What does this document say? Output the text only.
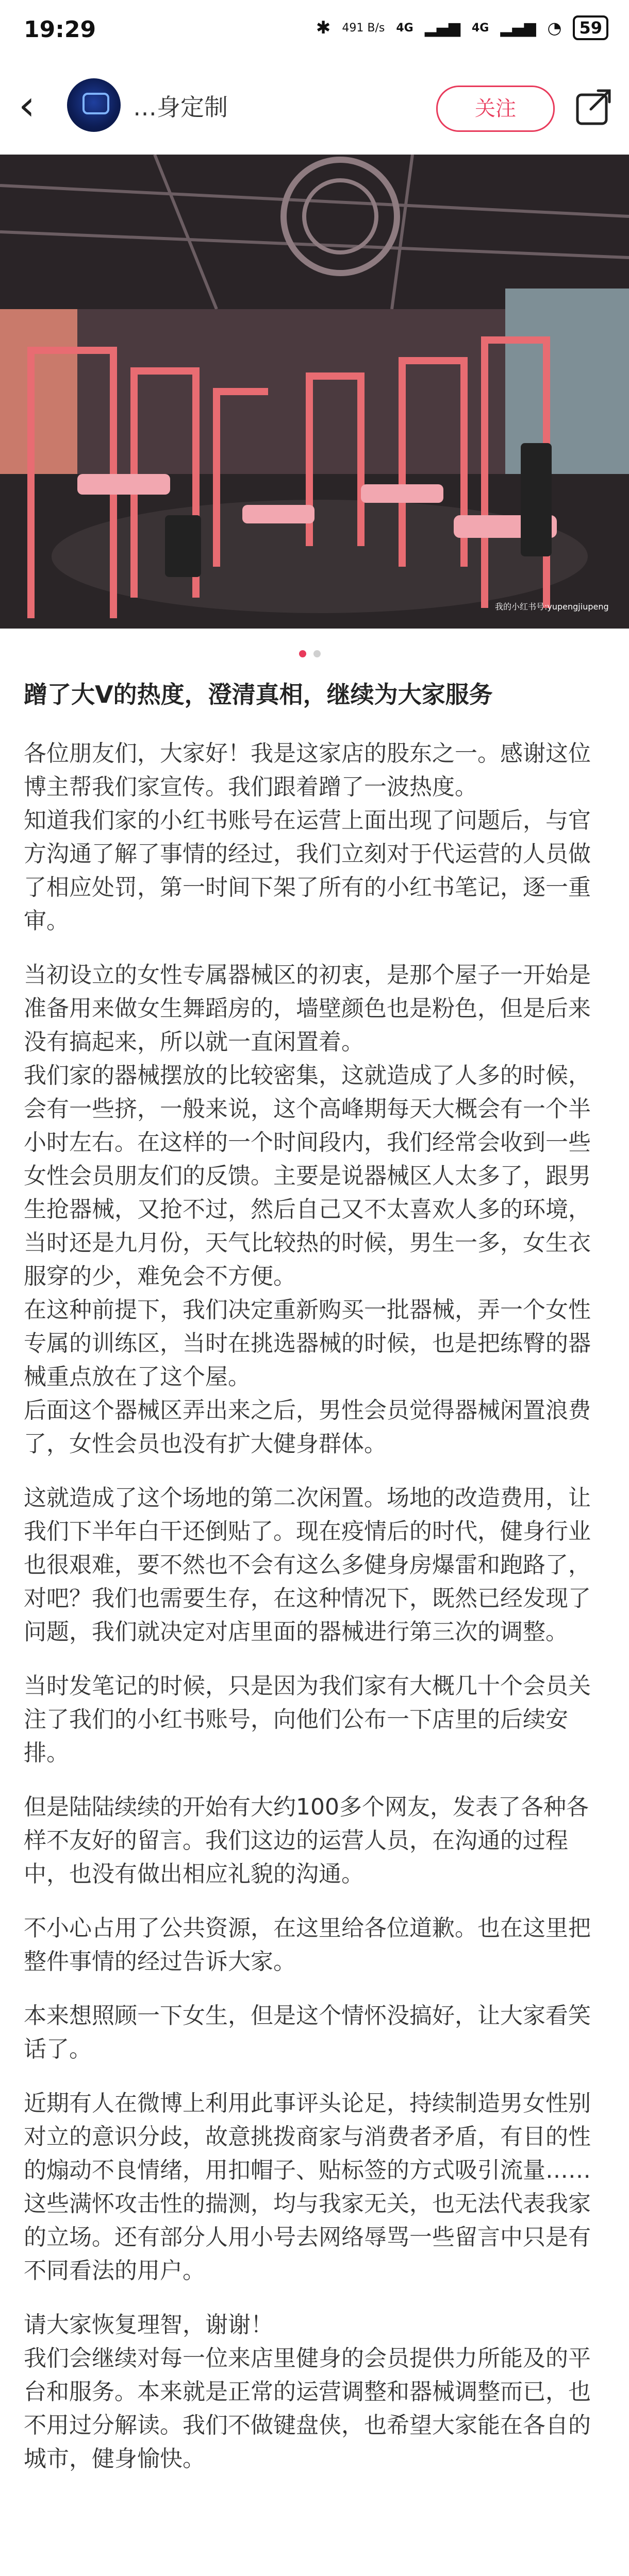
19:29	✱ 491 B/s 4G ▂▄▆ 4G ▂▄▆ ◔	59
‹	…身定制	关注
我的小红书号:yupengjiupeng
蹭了大V的热度，澄清真相，继续为大家服务

各位朋友们，大家好！我是这家店的股东之一。感谢这位博主帮我们家宣传。我们跟着蹭了一波热度。
知道我们家的小红书账号在运营上面出现了问题后，与官方沟通了解了事情的经过，我们立刻对于代运营的人员做了相应处罚，第一时间下架了所有的小红书笔记，逐一重审。

当初设立的女性专属器械区的初衷，是那个屋子一开始是准备用来做女生舞蹈房的，墙壁颜色也是粉色，但是后来没有搞起来，所以就一直闲置着。
我们家的器械摆放的比较密集，这就造成了人多的时候，会有一些挤，一般来说，这个高峰期每天大概会有一个半小时左右。在这样的一个时间段内，我们经常会收到一些女性会员朋友们的反馈。主要是说器械区人太多了，跟男生抢器械，又抢不过，然后自己又不太喜欢人多的环境，当时还是九月份，天气比较热的时候，男生一多，女生衣服穿的少，难免会不方便。
在这种前提下，我们决定重新购买一批器械，弄一个女性专属的训练区，当时在挑选器械的时候，也是把练臀的器械重点放在了这个屋。
后面这个器械区弄出来之后，男性会员觉得器械闲置浪费了，女性会员也没有扩大健身群体。

这就造成了这个场地的第二次闲置。场地的改造费用，让我们下半年白干还倒贴了。现在疫情后的时代，健身行业也很艰难，要不然也不会有这么多健身房爆雷和跑路了，对吧？我们也需要生存，在这种情况下，既然已经发现了问题，我们就决定对店里面的器械进行第三次的调整。

当时发笔记的时候，只是因为我们家有大概几十个会员关注了我们的小红书账号，向他们公布一下店里的后续安排。

但是陆陆续续的开始有大约100多个网友，发表了各种各样不友好的留言。我们这边的运营人员，在沟通的过程中，也没有做出相应礼貌的沟通。

不小心占用了公共资源，在这里给各位道歉。也在这里把整件事情的经过告诉大家。

本来想照顾一下女生，但是这个情怀没搞好，让大家看笑话了。

近期有人在微博上利用此事评头论足，持续制造男女性别对立的意识分歧，故意挑拨商家与消费者矛盾，有目的性的煽动不良情绪，用扣帽子、贴标签的方式吸引流量……这些满怀攻击性的揣测，均与我家无关，也无法代表我家的立场。还有部分人用小号去网络辱骂一些留言中只是有不同看法的用户。

请大家恢复理智，谢谢！
我们会继续对每一位来店里健身的会员提供力所能及的平台和服务。本来就是正常的运营调整和器械调整而已，也不用过分解读。我们不做键盘侠，也希望大家能在各自的城市，健身愉快。
